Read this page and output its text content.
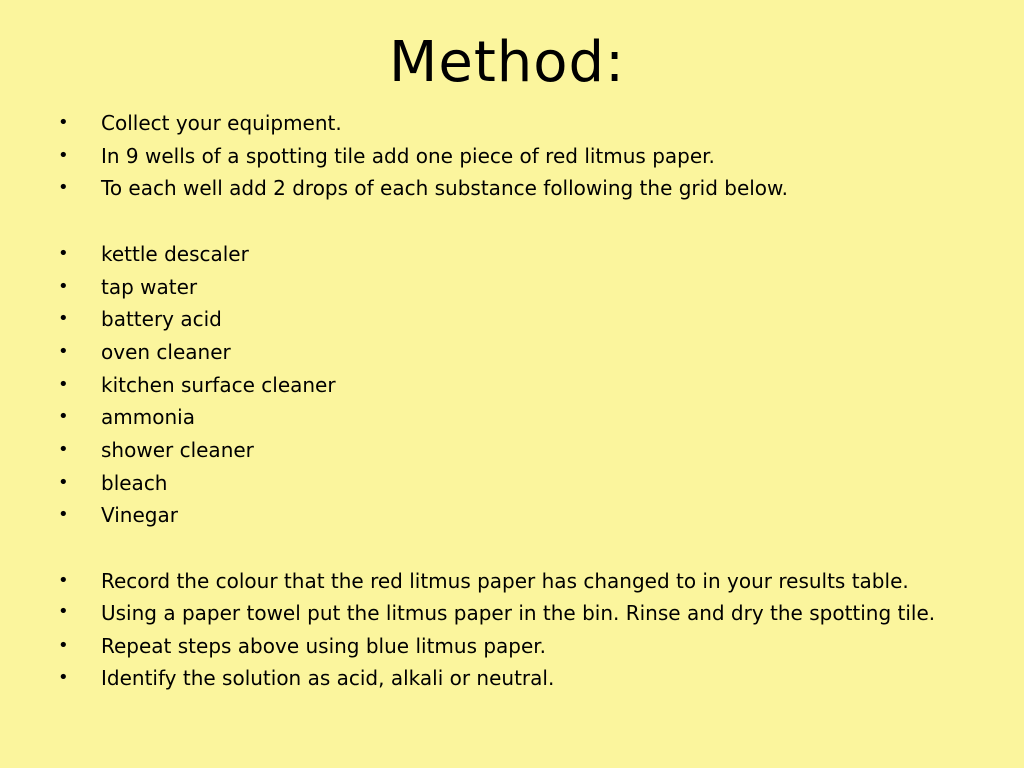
Method:
• Collect your equipment.
• In 9 wells of a spotting tile add one piece of red litmus paper.
• To each well add 2 drops of each substance following the grid below.
• kettle descaler
• tap water
• battery acid
• oven cleaner
• kitchen surface cleaner
• ammonia
• shower cleaner
• bleach
• Vinegar
• Record the colour that the red litmus paper has changed to in your results table.
• Using a paper towel put the litmus paper in the bin. Rinse and dry the spotting tile.
• Repeat steps above using blue litmus paper.
• Identify the solution as acid, alkali or neutral.
